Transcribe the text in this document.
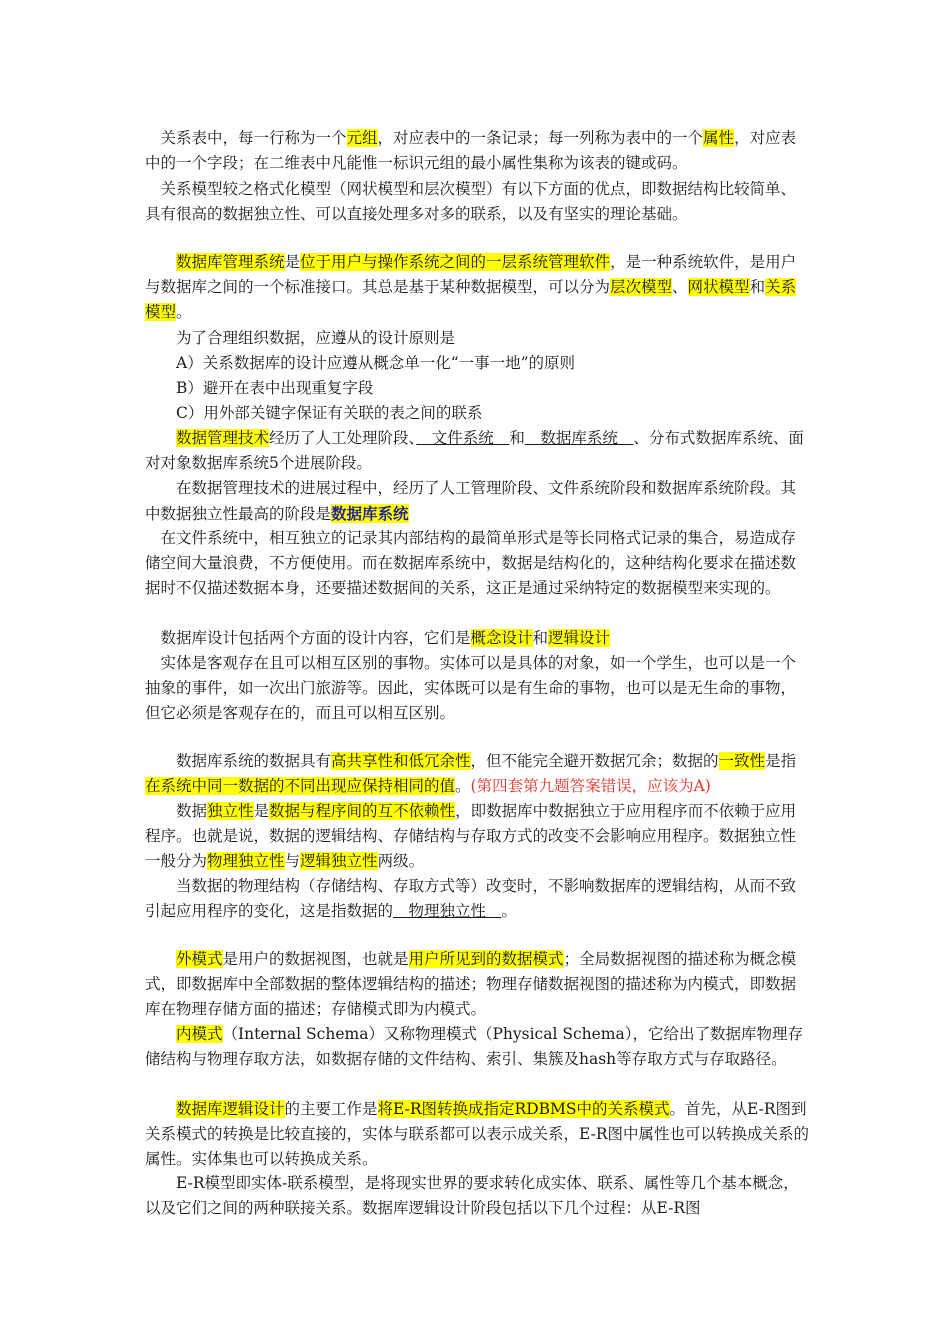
　关系表中，每一行称为一个元组，对应表中的一条记录；每一列称为表中的一个属性，对应表中的一个字段；在二维表中凡能惟一标识元组的最小属性集称为该表的键或码。
　关系模型较之格式化模型（网状模型和层次模型）有以下方面的优点，即数据结构比较简单、具有很高的数据独立性、可以直接处理多对多的联系，以及有坚实的理论基础。
　　数据库管理系统是位于用户与操作系统之间的一层系统管理软件，是一种系统软件，是用户与数据库之间的一个标准接口。其总是基于某种数据模型，可以分为层次模型、网状模型和关系模型。
　　为了合理组织数据，应遵从的设计原则是
　　A）关系数据库的设计应遵从概念单一化“一事一地”的原则
　　B）避开在表中出现重复字段
　　C）用外部关键字保证有关联的表之间的联系
　　数据管理技术经历了人工处理阶段、　文件系统　和　数据库系统　、分布式数据库系统、面对对象数据库系统5个进展阶段。
　　在数据管理技术的进展过程中，经历了人工管理阶段、文件系统阶段和数据库系统阶段。其中数据独立性最高的阶段是数据库系统
　在文件系统中，相互独立的记录其内部结构的最简单形式是等长同格式记录的集合，易造成存储空间大量浪费，不方便使用。而在数据库系统中，数据是结构化的，这种结构化要求在描述数据时不仅描述数据本身，还要描述数据间的关系，这正是通过采纳特定的数据模型来实现的。
　数据库设计包括两个方面的设计内容，它们是概念设计和逻辑设计
　实体是客观存在且可以相互区别的事物。实体可以是具体的对象，如一个学生，也可以是一个抽象的事件，如一次出门旅游等。因此，实体既可以是有生命的事物，也可以是无生命的事物，但它必须是客观存在的，而且可以相互区别。
　　数据库系统的数据具有高共享性和低冗余性，但不能完全避开数据冗余；数据的一致性是指在系统中同一数据的不同出现应保持相同的值。(第四套第九题答案错误，应该为A)
　　数据独立性是数据与程序间的互不依赖性，即数据库中数据独立于应用程序而不依赖于应用程序。也就是说，数据的逻辑结构、存储结构与存取方式的改变不会影响应用程序。数据独立性一般分为物理独立性与逻辑独立性两级。
　　当数据的物理结构（存储结构、存取方式等）改变时，不影响数据库的逻辑结构，从而不致引起应用程序的变化，这是指数据的　物理独立性　。
　　外模式是用户的数据视图，也就是用户所见到的数据模式；全局数据视图的描述称为概念模式，即数据库中全部数据的整体逻辑结构的描述；物理存储数据视图的描述称为内模式，即数据库在物理存储方面的描述；存储模式即为内模式。
　　内模式（Internal Schema）又称物理模式（Physical Schema），它给出了数据库物理存储结构与物理存取方法，如数据存储的文件结构、索引、集簇及hash等存取方式与存取路径。
　　数据库逻辑设计的主要工作是将E-R图转换成指定RDBMS中的关系模式。首先，从E-R图到关系模式的转换是比较直接的，实体与联系都可以表示成关系，E-R图中属性也可以转换成关系的属性。实体集也可以转换成关系。
　　E-R模型即实体-联系模型，是将现实世界的要求转化成实体、联系、属性等几个基本概念，以及它们之间的两种联接关系。数据库逻辑设计阶段包括以下几个过程：从E-R图
